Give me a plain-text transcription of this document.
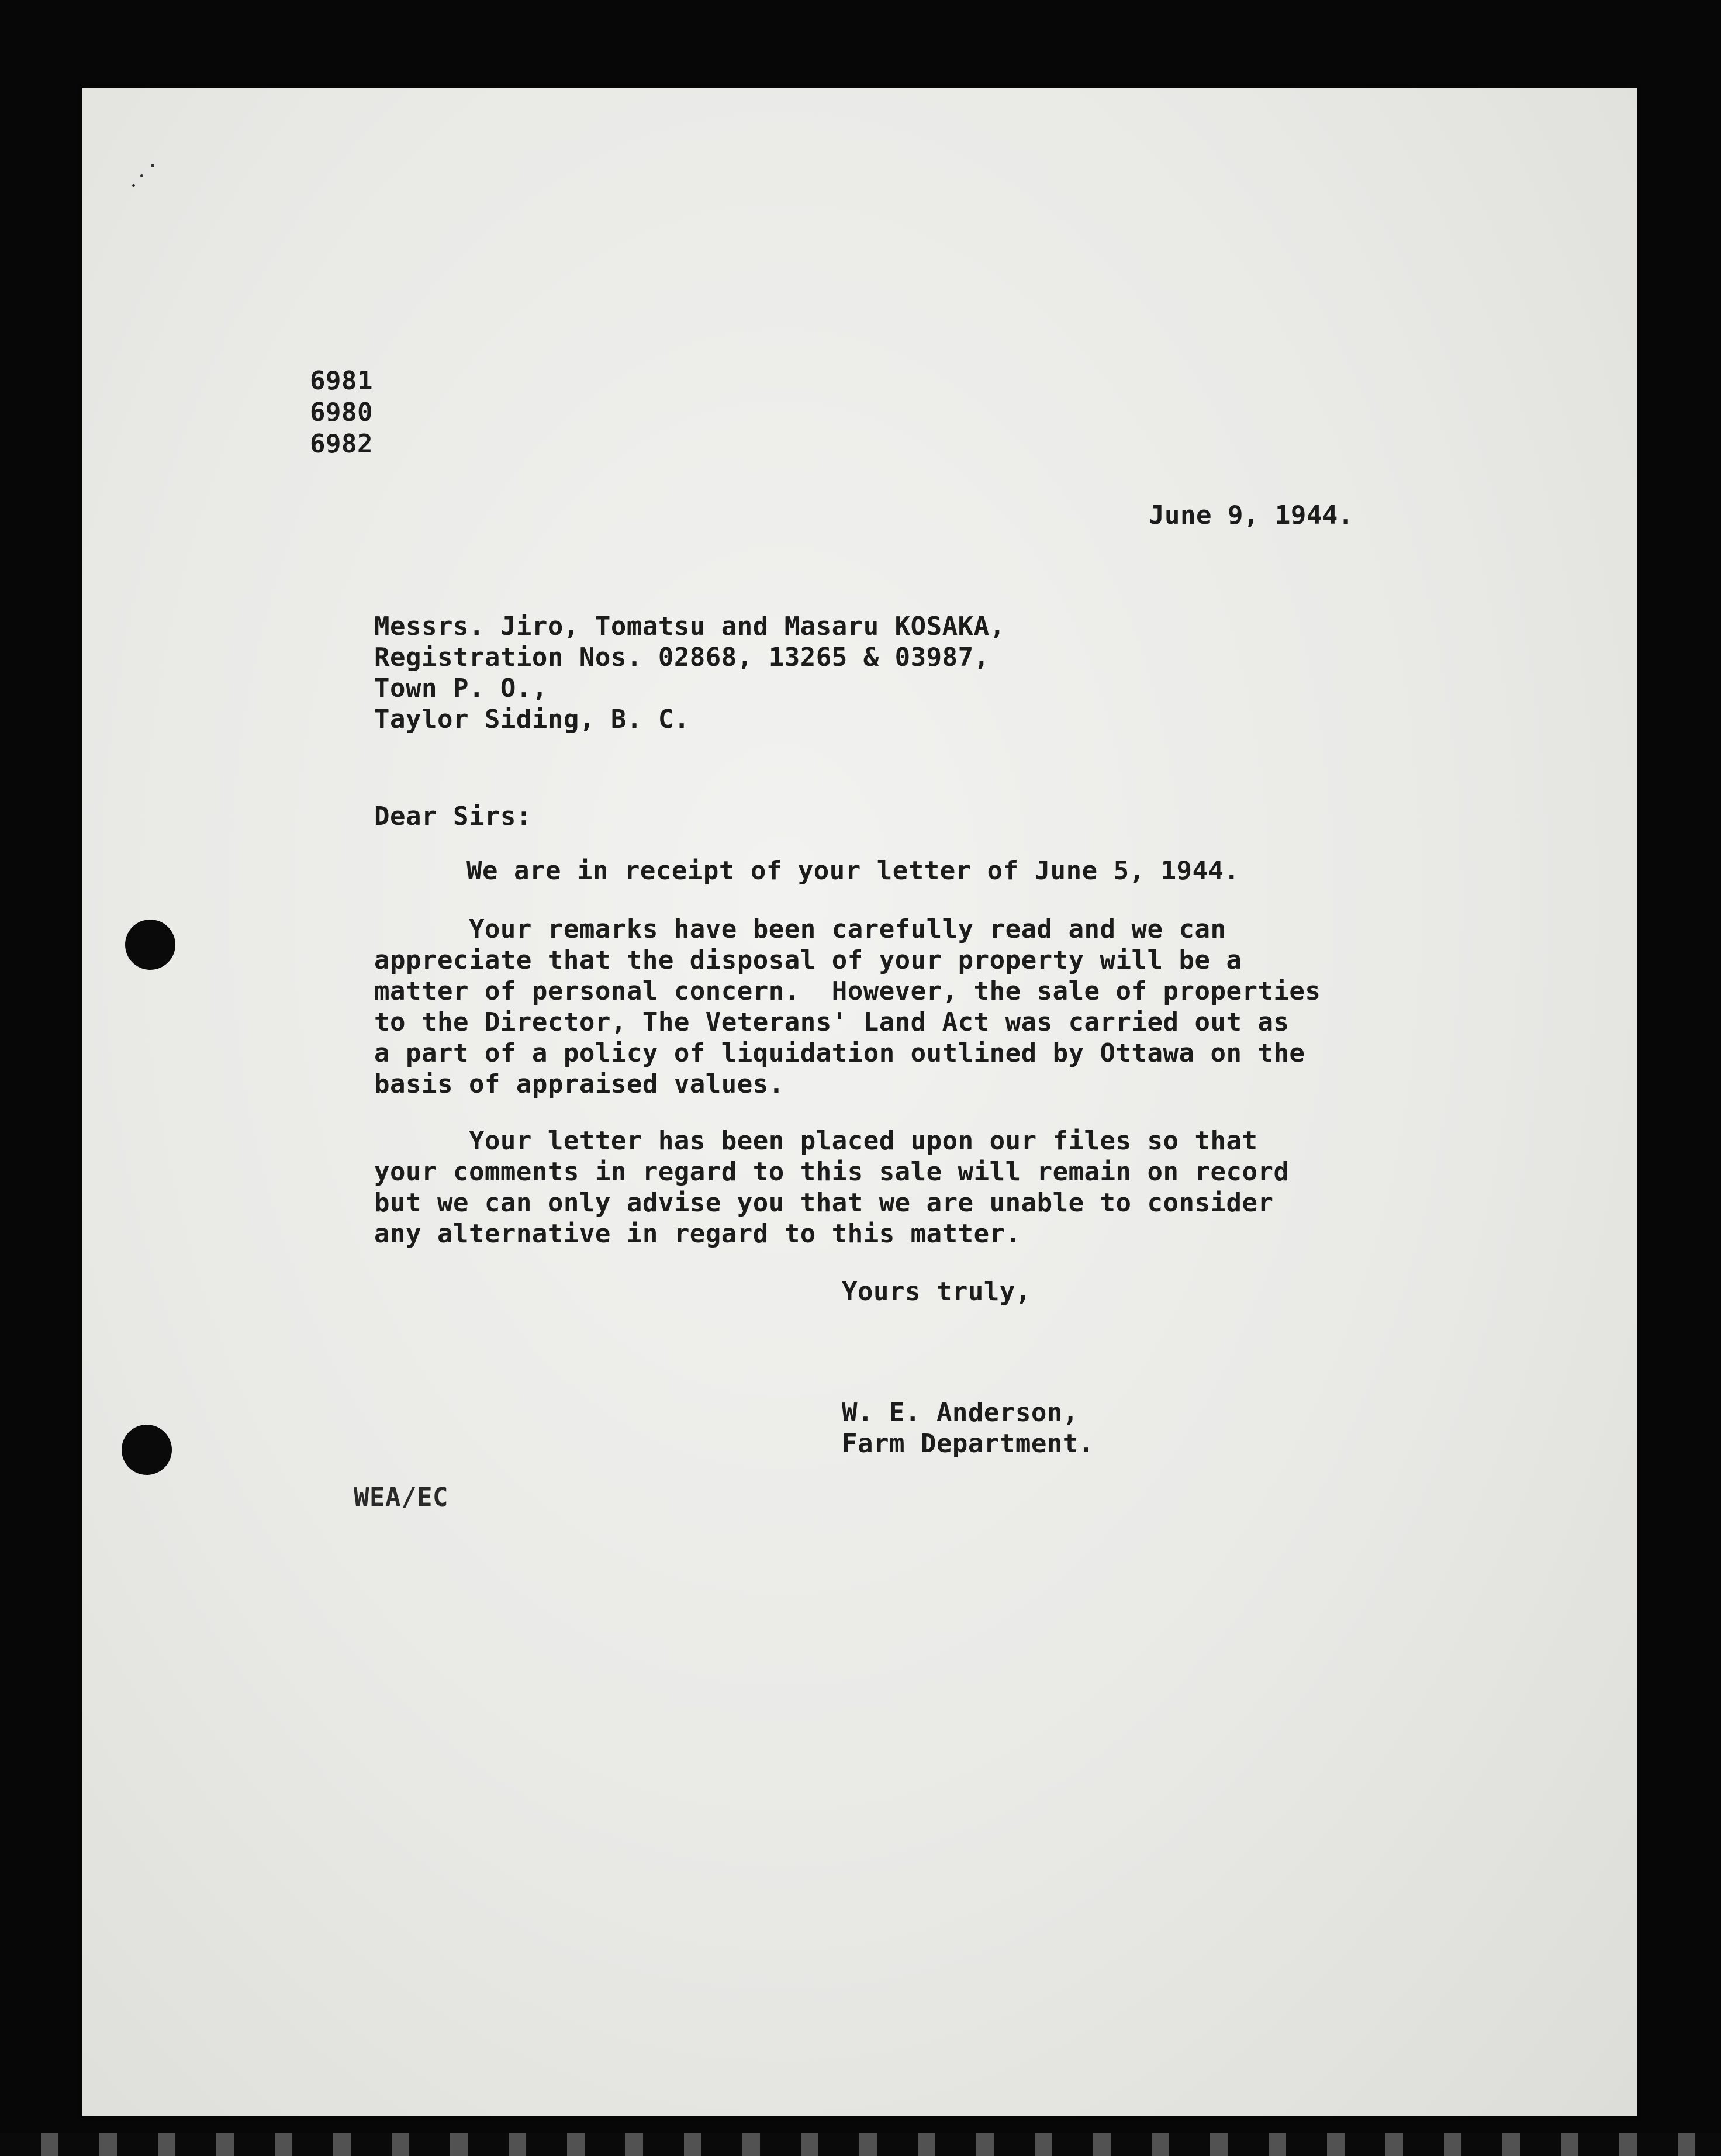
6981
6980
6982
June 9, 1944.
Messrs. Jiro, Tomatsu and Masaru KOSAKA,
Registration Nos. 02868, 13265 & 03987,
Town P. O.,
Taylor Siding, B. C.
Dear Sirs:
We are in receipt of your letter of June 5, 1944.
Your remarks have been carefully read and we can
appreciate that the disposal of your property will be a
matter of personal concern.  However, the sale of properties
to the Director, The Veterans' Land Act was carried out as
a part of a policy of liquidation outlined by Ottawa on the
basis of appraised values.
Your letter has been placed upon our files so that
your comments in regard to this sale will remain on record
but we can only advise you that we are unable to consider
any alternative in regard to this matter.
Yours truly,
W. E. Anderson,
Farm Department.
WEA/EC
